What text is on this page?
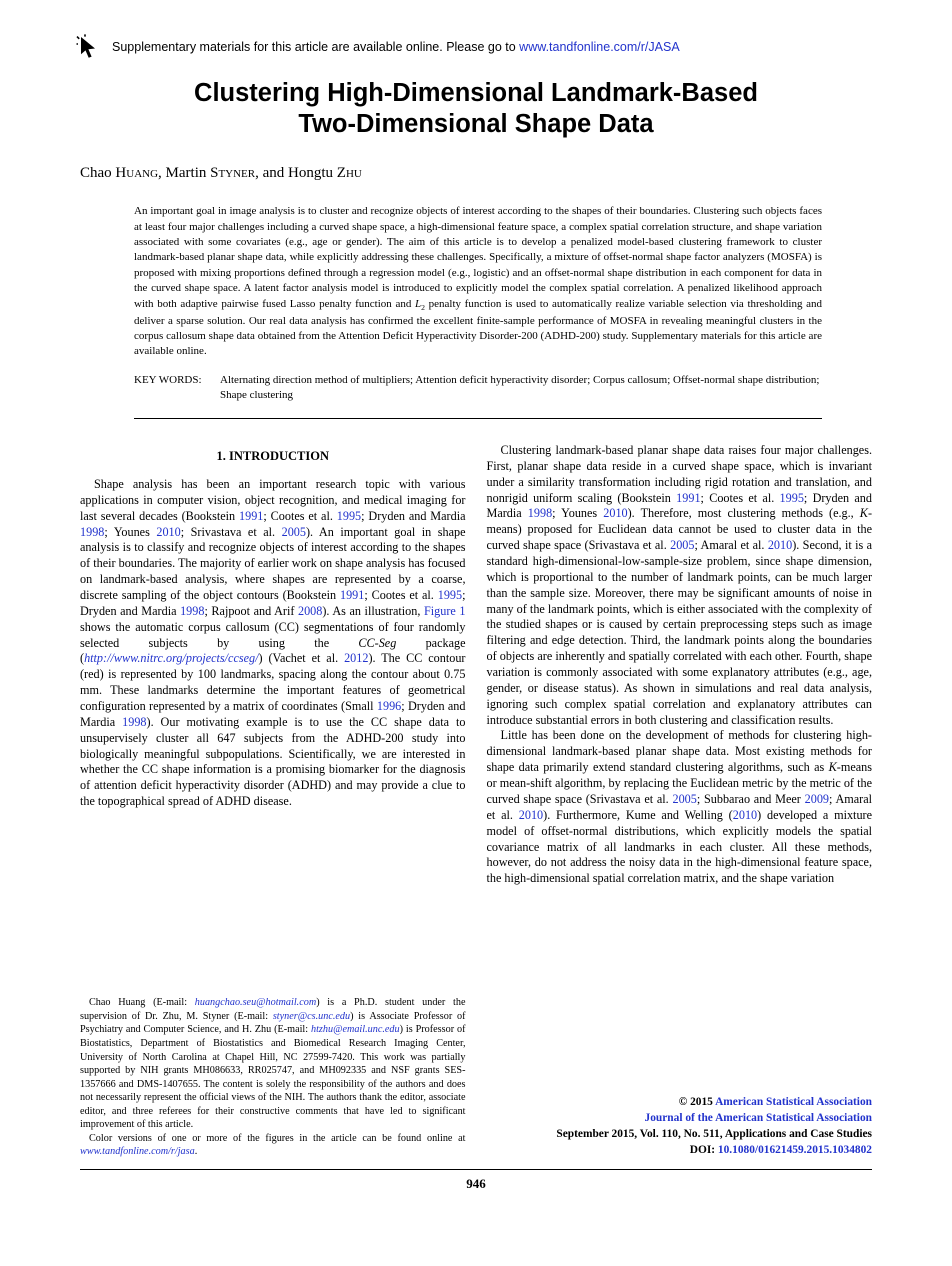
Supplementary materials for this article are available online. Please go to www.tandfonline.com/r/JASA
Clustering High-Dimensional Landmark-Based
Two-Dimensional Shape Data
Chao Huang, Martin Styner, and Hongtu Zhu

An important goal in image analysis is to cluster and recognize objects of interest according to the shapes of their boundaries. Clustering such objects faces at least four major challenges including a curved shape space, a high-dimensional feature space, a complex spatial correlation structure, and shape variation associated with some covariates (e.g., age or gender). The aim of this article is to develop a penalized model-based clustering framework to cluster landmark-based planar shape data, while explicitly addressing these challenges. Specifically, a mixture of offset-normal shape factor analyzers (MOSFA) is proposed with mixing proportions defined through a regression model (e.g., logistic) and an offset-normal shape distribution in each component for data in the curved shape space. A latent factor analysis model is introduced to explicitly model the complex spatial correlation. A penalized likelihood approach with both adaptive pairwise fused Lasso penalty function and $L_2$ penalty function is used to automatically realize variable selection via thresholding and deliver a sparse solution. Our real data analysis has confirmed the excellent finite-sample performance of MOSFA in revealing meaningful clusters in the corpus callosum shape data obtained from the Attention Deficit Hyperactivity Disorder-200 (ADHD-200) study. Supplementary materials for this article are available online.

KEY WORDS:	Alternating direction method of multipliers; Attention deficit hyperactivity disorder; Corpus callosum; Offset-normal shape distribution; Shape clustering
1. INTRODUCTION

Shape analysis has been an important research topic with various applications in computer vision, object recognition, and medical imaging for last several decades (Bookstein 1991; Cootes et al. 1995; Dryden and Mardia 1998; Younes 2010; Srivastava et al. 2005). An important goal in shape analysis is to classify and recognize objects of interest according to the shapes of their boundaries. The majority of earlier work on shape analysis has focused on landmark-based analysis, where shapes are represented by a coarse, discrete sampling of the object contours (Bookstein 1991; Cootes et al. 1995; Dryden and Mardia 1998; Rajpoot and Arif 2008). As an illustration, Figure 1 shows the automatic corpus callosum (CC) segmentations of four randomly selected subjects by using the CC-Seg package (http://www.nitrc.org/projects/ccseg/) (Vachet et al. 2012). The CC contour (red) is represented by 100 landmarks, spacing along the contour about 0.75 mm. These landmarks determine the important features of geometrical configuration represented by a matrix of coordinates (Small 1996; Dryden and Mardia 1998). Our motivating example is to use the CC shape data to unsupervisely cluster all 647 subjects from the ADHD-200 study into biologically meaningful subpopulations. Scientifically, we are interested in whether the CC shape information is a promising biomarker for the diagnosis of attention deficit hyperactivity disorder (ADHD) and may provide a clue to the topographical spread of ADHD disease.

Chao Huang (E-mail: huangchao.seu@hotmail.com) is a Ph.D. student under the supervision of Dr. Zhu, M. Styner (E-mail: styner@cs.unc.edu) is Associate Professor of Psychiatry and Computer Science, and H. Zhu (E-mail: htzhu@email.unc.edu) is Professor of Biostatistics, Department of Biostatistics and Biomedical Research Imaging Center, University of North Carolina at Chapel Hill, NC 27599-7420. This work was partially supported by NIH grants MH086633, RR025747, and MH092335 and NSF grants SES-1357666 and DMS-1407655. The content is solely the responsibility of the authors and does not necessarily represent the official views of the NIH. The authors thank the editor, associate editor, and three referees for their constructive comments that have led to significant improvement of this article.

Color versions of one or more of the figures in the article can be found online at www.tandfonline.com/r/jasa.

Clustering landmark-based planar shape data raises four major challenges. First, planar shape data reside in a curved shape space, which is invariant under a similarity transformation including rigid rotation and translation, and nonrigid uniform scaling (Bookstein 1991; Cootes et al. 1995; Dryden and Mardia 1998; Younes 2010). Therefore, most clustering methods (e.g., K-means) proposed for Euclidean data cannot be used to cluster data in the curved shape space (Srivastava et al. 2005; Amaral et al. 2010). Second, it is a standard high-dimensional-low-sample-size problem, since shape dimension, which is proportional to the number of landmark points, can be much larger than the sample size. Moreover, there may be significant amounts of noise in many of the landmark points, which is either associated with the complexity of the studied shapes or is caused by certain preprocessing steps such as image filtering and edge detection. Third, the landmark points along the boundaries of objects are inherently and spatially correlated with each other. Fourth, shape variation is commonly associated with some explanatory attributes (e.g., age, gender, or disease status). As shown in simulations and real data analysis, ignoring such complex spatial correlation and explanatory attributes can introduce substantial errors in both clustering and classification results.

Little has been done on the development of methods for clustering high-dimensional landmark-based planar shape data. Most existing methods for shape data primarily extend standard clustering algorithms, such as K-means or mean-shift algorithm, by replacing the Euclidean metric by the metric of the curved shape space (Srivastava et al. 2005; Subbarao and Meer 2009; Amaral et al. 2010). Furthermore, Kume and Welling (2010) developed a mixture model of offset-normal distributions, which explicitly models the spatial covariance matrix of all landmarks in each cluster. All these methods, however, do not address the noisy data in the high-dimensional feature space, the high-dimensional spatial correlation matrix, and the shape variation

© 2015 American Statistical Association
Journal of the American Statistical Association
September 2015, Vol. 110, No. 511, Applications and Case Studies
DOI: 10.1080/01621459.2015.1034802
946
